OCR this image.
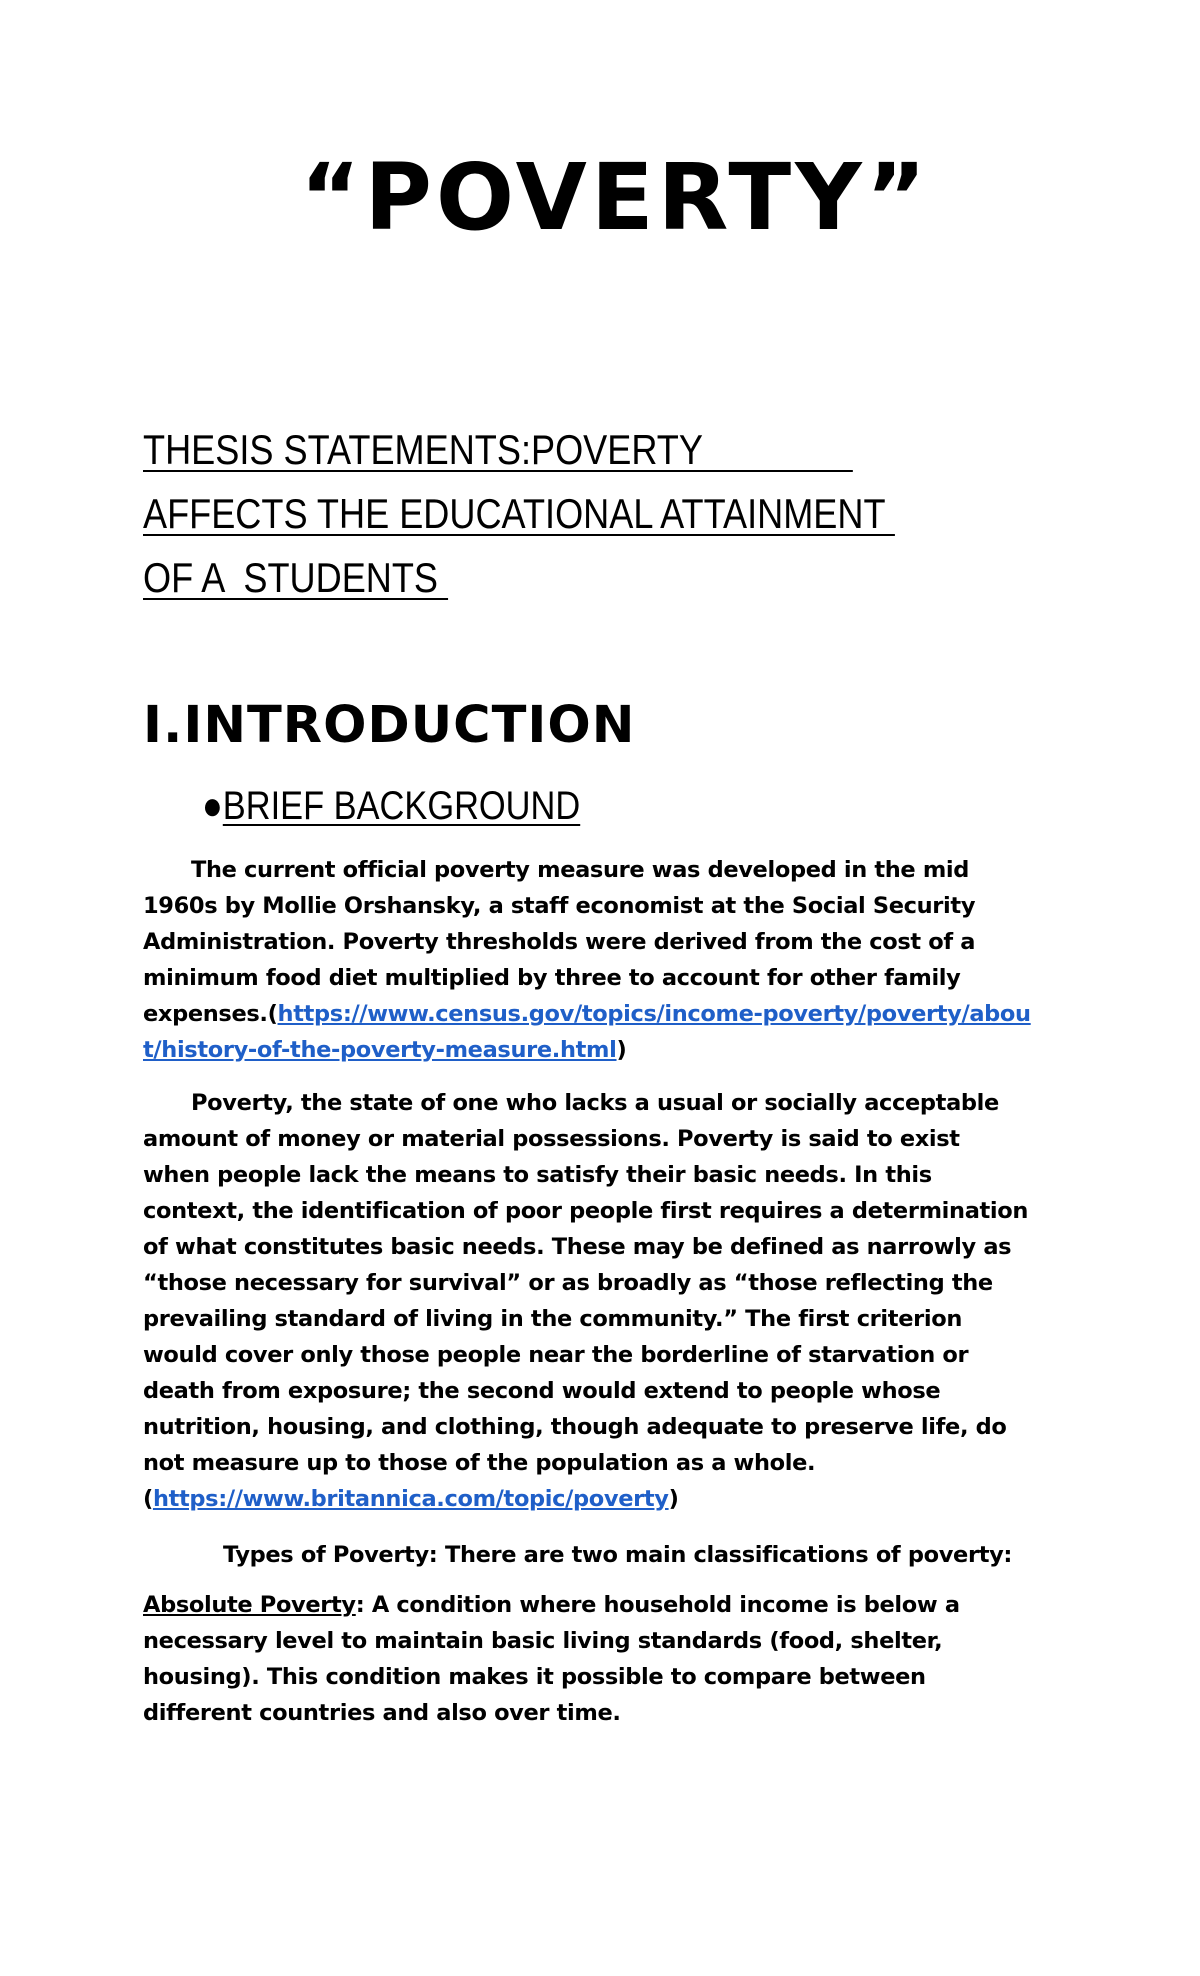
“POVERTY”
THESIS STATEMENTS:POVERTY
AFFECTS THE EDUCATIONAL ATTAINMENT
OF A  STUDENTS
I.INTRODUCTION
●BRIEF BACKGROUND
The current official poverty measure was developed in the mid
1960s by Mollie Orshansky, a staff economist at the Social Security
Administration. Poverty thresholds were derived from the cost of a
minimum food diet multiplied by three to account for other family
expenses.(https://www.census.gov/topics/income-poverty/poverty/abou
t/history-of-the-poverty-measure.html)
Poverty, the state of one who lacks a usual or socially acceptable
amount of money or material possessions. Poverty is said to exist
when people lack the means to satisfy their basic needs. In this
context, the identification of poor people first requires a determination
of what constitutes basic needs. These may be defined as narrowly as
“those necessary for survival” or as broadly as “those reflecting the
prevailing standard of living in the community.” The first criterion
would cover only those people near the borderline of starvation or
death from exposure; the second would extend to people whose
nutrition, housing, and clothing, though adequate to preserve life, do
not measure up to those of the population as a whole.
(https://www.britannica.com/topic/poverty)
Types of Poverty: There are two main classifications of poverty:
Absolute Poverty: A condition where household income is below a
necessary level to maintain basic living standards (food, shelter,
housing). This condition makes it possible to compare between
different countries and also over time.
